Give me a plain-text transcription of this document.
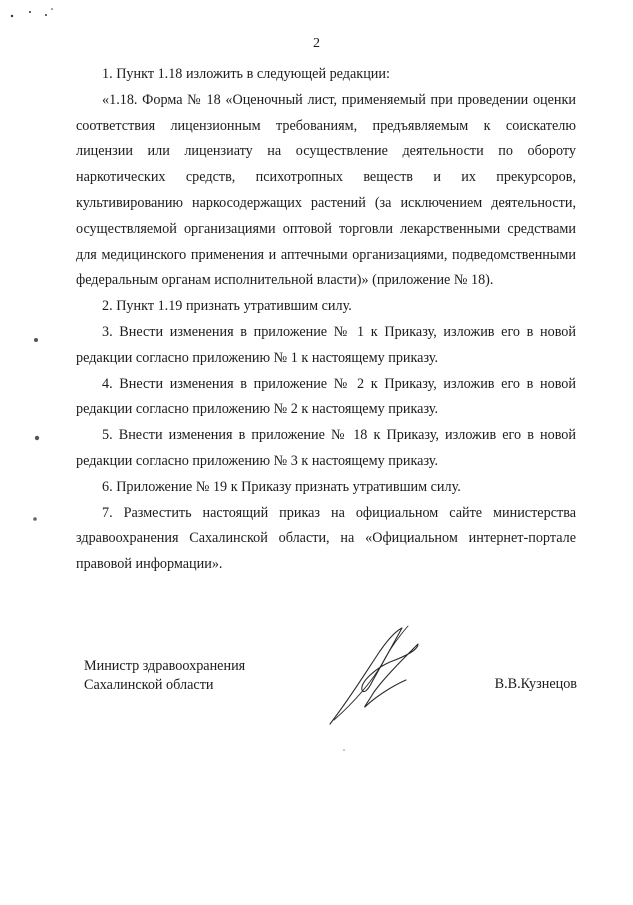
2

1. Пункт 1.18 изложить в следующей редакции:

«1.18. Форма № 18 «Оценочный лист, применяемый при проведении оценки соответствия лицензионным требованиям, предъявляемым к соискателю лицензии или лицензиату на осуществление деятельности по обороту наркотических средств, психотропных веществ и их прекурсоров, культивированию наркосодержащих растений (за исключением деятельности, осуществляемой организациями оптовой торговли лекарственными средствами для медицинского применения и аптечными организациями, подведомственными федеральным органам исполнительной власти)» (приложение № 18).

2. Пункт 1.19 признать утратившим силу.

3. Внести изменения в приложение № 1 к Приказу, изложив его в новой редакции согласно приложению № 1 к настоящему приказу.

4. Внести изменения в приложение № 2 к Приказу, изложив его в новой редакции согласно приложению № 2 к настоящему приказу.

5. Внести изменения в приложение № 18 к Приказу, изложив его в новой редакции согласно приложению № 3 к настоящему приказу.

6. Приложение № 19 к Приказу признать утратившим силу.

7. Разместить настоящий приказ на официальном сайте министерства здравоохранения Сахалинской области, на «Официальном интернет-портале правовой информации».

Министр здравоохранения
Сахалинской области	В.В.Кузнецов
